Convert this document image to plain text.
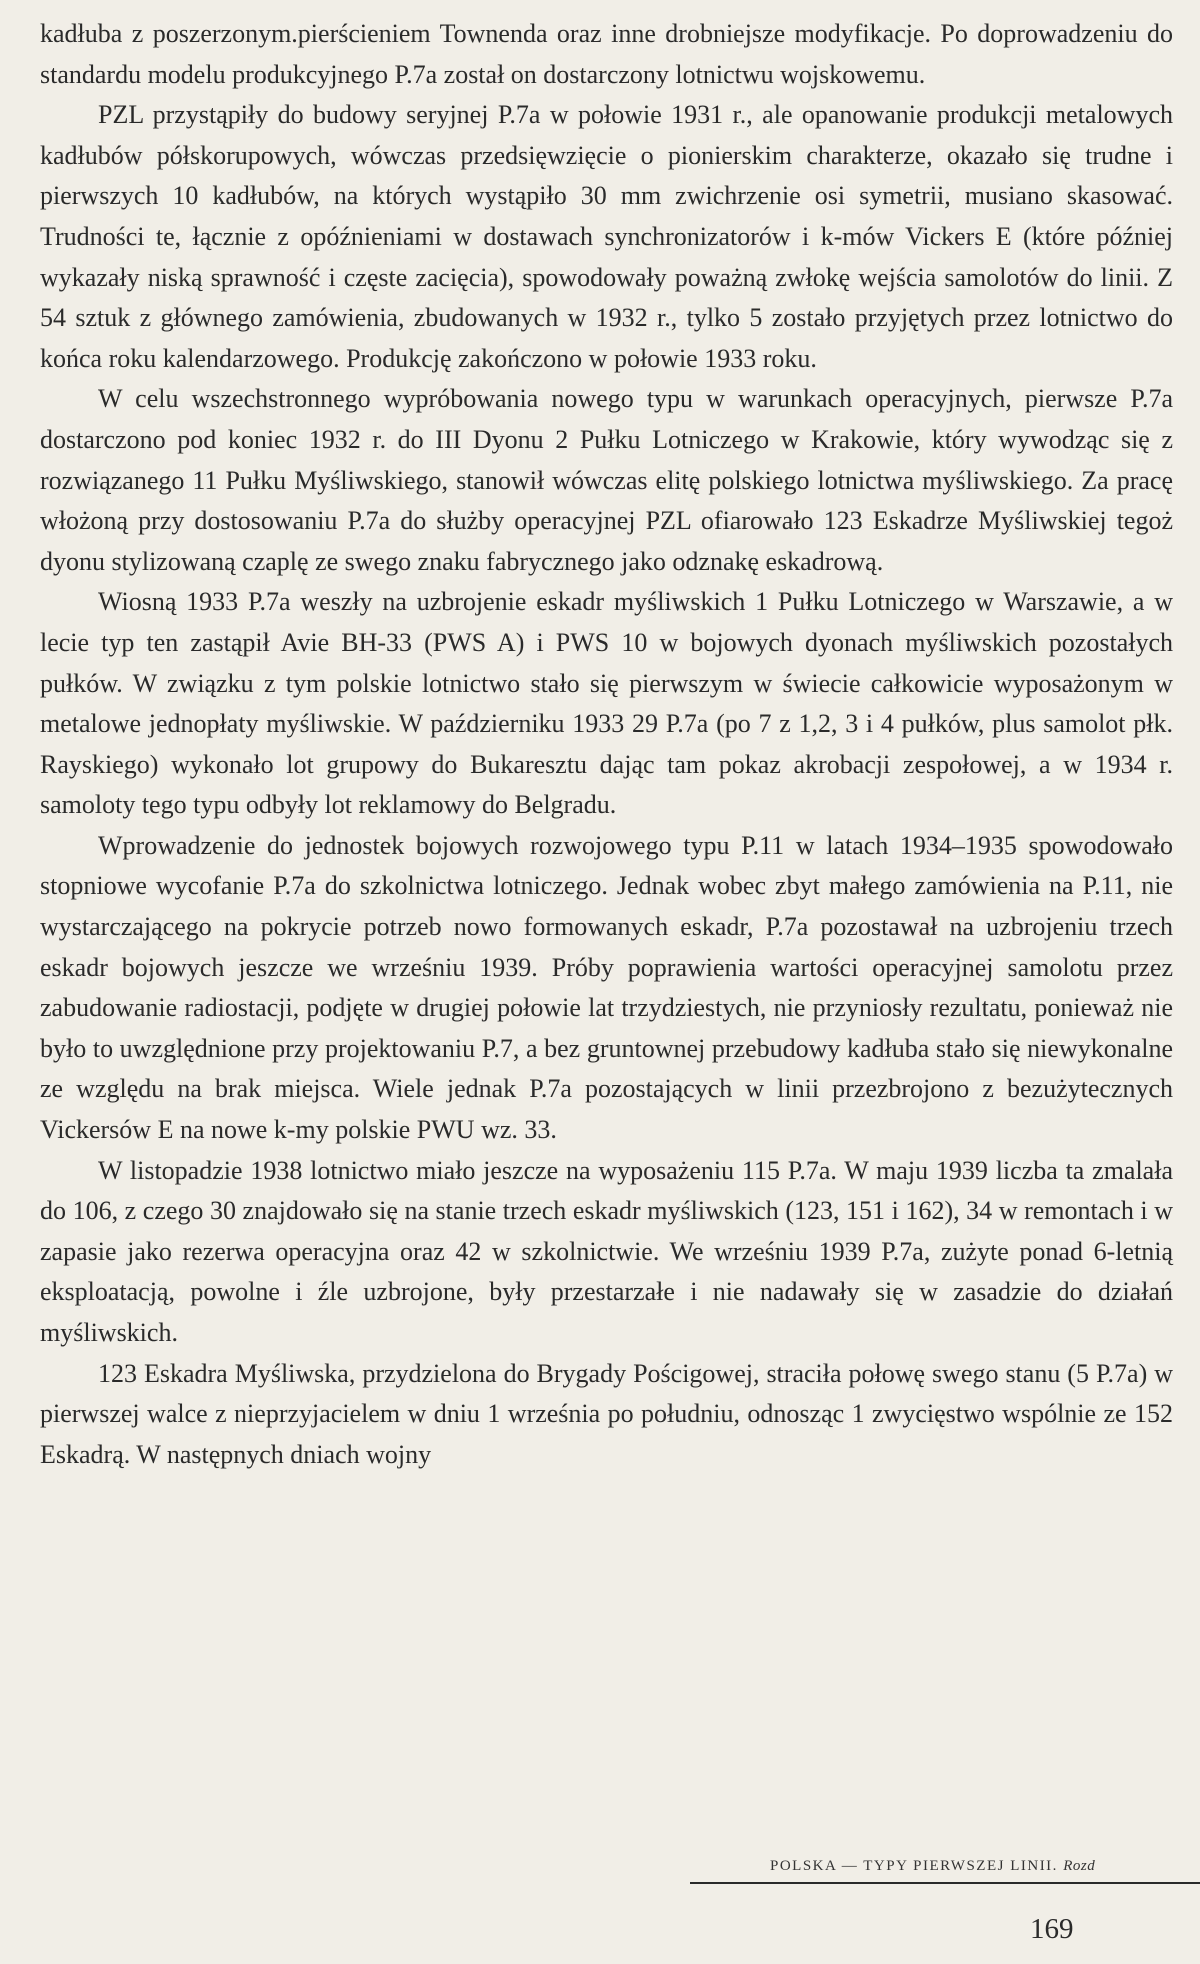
kadłuba z poszerzonym.pierścieniem Townenda oraz inne drobniejsze modyfikacje. Po doprowadzeniu do standardu modelu produkcyjnego P.7a został on dostarczony lotnictwu wojskowemu.

PZL przystąpiły do budowy seryjnej P.7a w połowie 1931 r., ale opanowanie produkcji metalowych kadłubów półskorupowych, wówczas przedsięwzięcie o pionierskim charakterze, okazało się trudne i pierwszych 10 kadłubów, na których wystąpiło 30 mm zwichrzenie osi symetrii, musiano skasować. Trudności te, łącznie z opóźnieniami w dostawach synchronizatorów i k-mów Vickers E (które później wykazały niską sprawność i częste zacięcia), spowodowały poważną zwłokę wejścia samolotów do linii. Z 54 sztuk z głównego zamówienia, zbudowanych w 1932 r., tylko 5 zostało przyjętych przez lotnictwo do końca roku kalendarzowego. Produkcję zakończono w połowie 1933 roku.

W celu wszechstronnego wypróbowania nowego typu w warunkach operacyjnych, pierwsze P.7a dostarczono pod koniec 1932 r. do III Dyonu 2 Pułku Lotniczego w Krakowie, który wywodząc się z rozwiązanego 11 Pułku Myśliwskiego, stanowił wówczas elitę polskiego lotnictwa myśliwskiego. Za pracę włożoną przy dostosowaniu P.7a do służby operacyjnej PZL ofiarowało 123 Eskadrze Myśliwskiej tegoż dyonu stylizowaną czaplę ze swego znaku fabrycznego jako odznakę eskadrową.

Wiosną 1933 P.7a weszły na uzbrojenie eskadr myśliwskich 1 Pułku Lotniczego w Warszawie, a w lecie typ ten zastąpił Avie BH-33 (PWS A) i PWS 10 w bojowych dyonach myśliwskich pozostałych pułków. W związku z tym polskie lotnictwo stało się pierwszym w świecie całkowicie wyposażonym w metalowe jednopłaty myśliwskie. W październiku 1933 29 P.7a (po 7 z 1,2, 3 i 4 pułków, plus samolot płk. Rayskiego) wykonało lot grupowy do Bukaresztu dając tam pokaz akrobacji zespołowej, a w 1934 r. samoloty tego typu odbyły lot reklamowy do Belgradu.

Wprowadzenie do jednostek bojowych rozwojowego typu P.11 w latach 1934–1935 spowodowało stopniowe wycofanie P.7a do szkolnictwa lotniczego. Jednak wobec zbyt małego zamówienia na P.11, nie wystarczającego na pokrycie potrzeb nowo formowanych eskadr, P.7a pozostawał na uzbrojeniu trzech eskadr bojowych jeszcze we wrześniu 1939. Próby poprawienia wartości operacyjnej samolotu przez zabudowanie radiostacji, podjęte w drugiej połowie lat trzydziestych, nie przyniosły rezultatu, ponieważ nie było to uwzględnione przy projektowaniu P.7, a bez gruntownej przebudowy kadłuba stało się niewykonalne ze względu na brak miejsca. Wiele jednak P.7a pozostających w linii przezbrojono z bezużytecznych Vickersów E na nowe k-my polskie PWU wz. 33.

W listopadzie 1938 lotnictwo miało jeszcze na wyposażeniu 115 P.7a. W maju 1939 liczba ta zmalała do 106, z czego 30 znajdowało się na stanie trzech eskadr myśliwskich (123, 151 i 162), 34 w remontach i w zapasie jako rezerwa operacyjna oraz 42 w szkolnictwie. We wrześniu 1939 P.7a, zużyte ponad 6-letnią eksploatacją, powolne i źle uzbrojone, były przestarzałe i nie nadawały się w zasadzie do działań myśliwskich.

123 Eskadra Myśliwska, przydzielona do Brygady Pościgowej, straciła połowę swego stanu (5 P.7a) w pierwszej walce z nieprzyjacielem w dniu 1 września po południu, odnosząc 1 zwycięstwo wspólnie ze 152 Eskadrą. W następnych dniach wojny

POLSKA — TYPY PIERWSZEJ LINII. Rozd
169
